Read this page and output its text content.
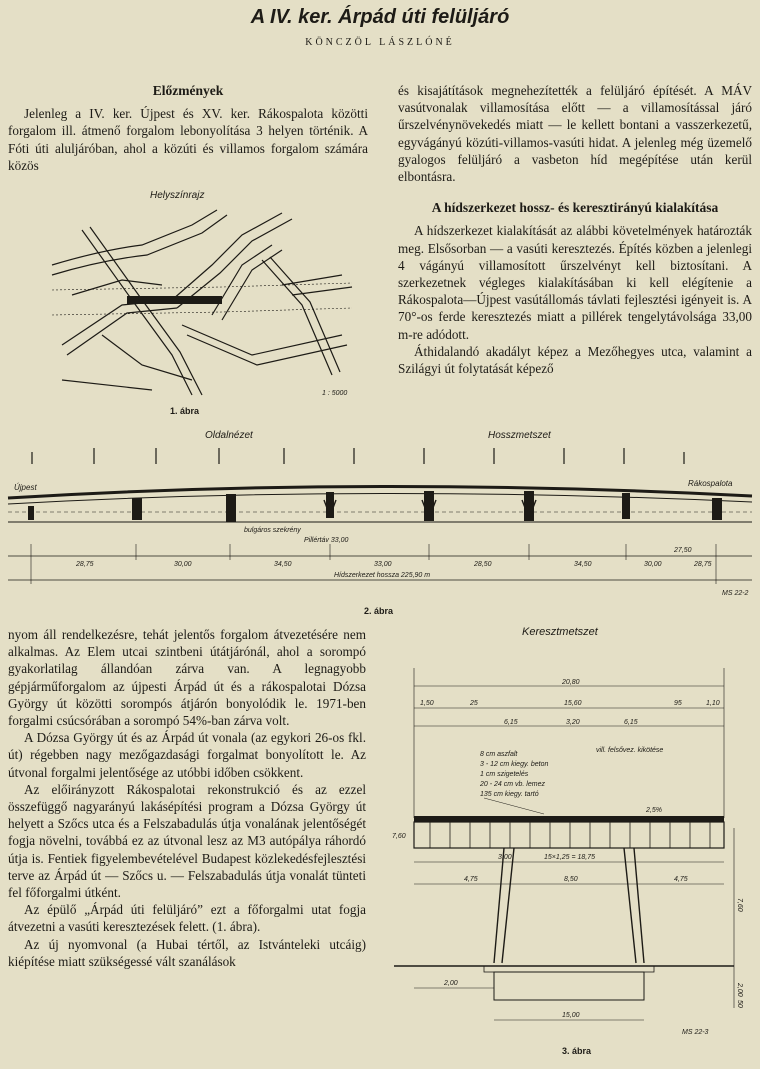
A IV. ker. Árpád úti felüljáró
KÖNCZÖL LÁSZLÓNÉ
Előzmények

Jelenleg a IV. ker. Újpest és XV. ker. Rákospalota közötti forgalom ill. átmenő forgalom lebonyolítása 3 helyen történik. A Fóti úti aluljáróban, ahol a közúti és villamos forgalom számára közös

Helyszínrajz
1 : 5000
1. ábra

és kisajátítások megnehezítették a felüljáró építését. A MÁV vasútvonalak villamosítása előtt — a villamosítással járó űrszelvénynövekedés miatt — le kellett bontani a vasszerkezetű, egyvágányú közúti-villamos-vasúti hidat. A jelenleg még üzemelő gyalogos felüljáró a vasbeton híd megépítése után kerül elbontásra.

A hídszerkezet hossz- és keresztirányú kialakítása

A hídszerkezet kialakítását az alábbi követelmények határozták meg. Elsősorban — a vasúti keresztezés. Építés közben a jelenlegi 4 vágányú villamosított űrszelvényt kell biztosítani. A szerkezetnek végleges kialakításában ki kell elégítenie a Rákospalota—Újpest vasútállomás távlati fejlesztési igényeit is. A 70°-os ferde keresztezés miatt a pillérek tengelytávolsága 33,00 m-re adódott.

Áthidalandó akadályt képez a Mezőhegyes utca, valamint a Szilágyi út folytatását képező

Oldalnézet	Hosszmetszet
28,75	30,00	34,50	33,00	28,50	34,50	30,00	28,75
27,50
Pillértáv 33,00
Hídszerkezet hossza 225,90 m
bulgáros szekrény
Újpest	Rákospalota
MS 22-2
2. ábra

nyom áll rendelkezésre, tehát jelentős forgalom átvezetésére nem alkalmas. Az Elem utcai szintbeni útátjárónál, ahol a sorompó gyakorlatilag állandóan zárva van. A legnagyobb gépjárműforgalom az újpesti Árpád út és a rákospalotai Dózsa György út közötti sorompós átjárón bonyolódik le. 1971-ben forgalmi csúcsórában a sorompó 54%-ban zárva volt.

A Dózsa György út és az Árpád út vonala (az egykori 26-os fkl. út) régebben nagy mezőgazdasági forgalmat bonyolított le. Az útvonal forgalmi jelentősége az utóbbi időben csökkent.

Az előirányzott Rákospalotai rekonstrukció és az ezzel összefüggő nagyarányú lakásépítési program a Dózsa György út helyett a Szőcs utca és a Felszabadulás útja vonalának jelentőségét fogja növelni, továbbá ez az útvonal lesz az M3 autópálya ráhordó útja is. Fentiek figyelembevételével Budapest közlekedésfejlesztési terve az Árpád út — Szőcs u. — Felszabadulás útja vonalát tünteti fel főforgalmi útként.

Az épülő „Árpád úti felüljáró” ezt a főforgalmi utat fogja átvezetni a vasúti keresztezések felett. (1. ábra).

Az új nyomvonal (a Hubai tértől, az Istvánteleki utcáig) kiépítése miatt szükségessé vált szanálások

Keresztmetszet
20,80
15,60
1,50	25
6,15	3,20	6,15
95	1,10
8 cm aszfalt
3 - 12 cm kiegy. beton
1 cm szigetelés
20 - 24 cm vb. lemez
135 cm kiegy. tartó
vill. felsővez. kikötése
2,5%
3,00	15×1,25 = 18,75
4,75	8,50	4,75
2,00
15,00
7,60
7,60
2,00
50
MS 22-3
3. ábra
